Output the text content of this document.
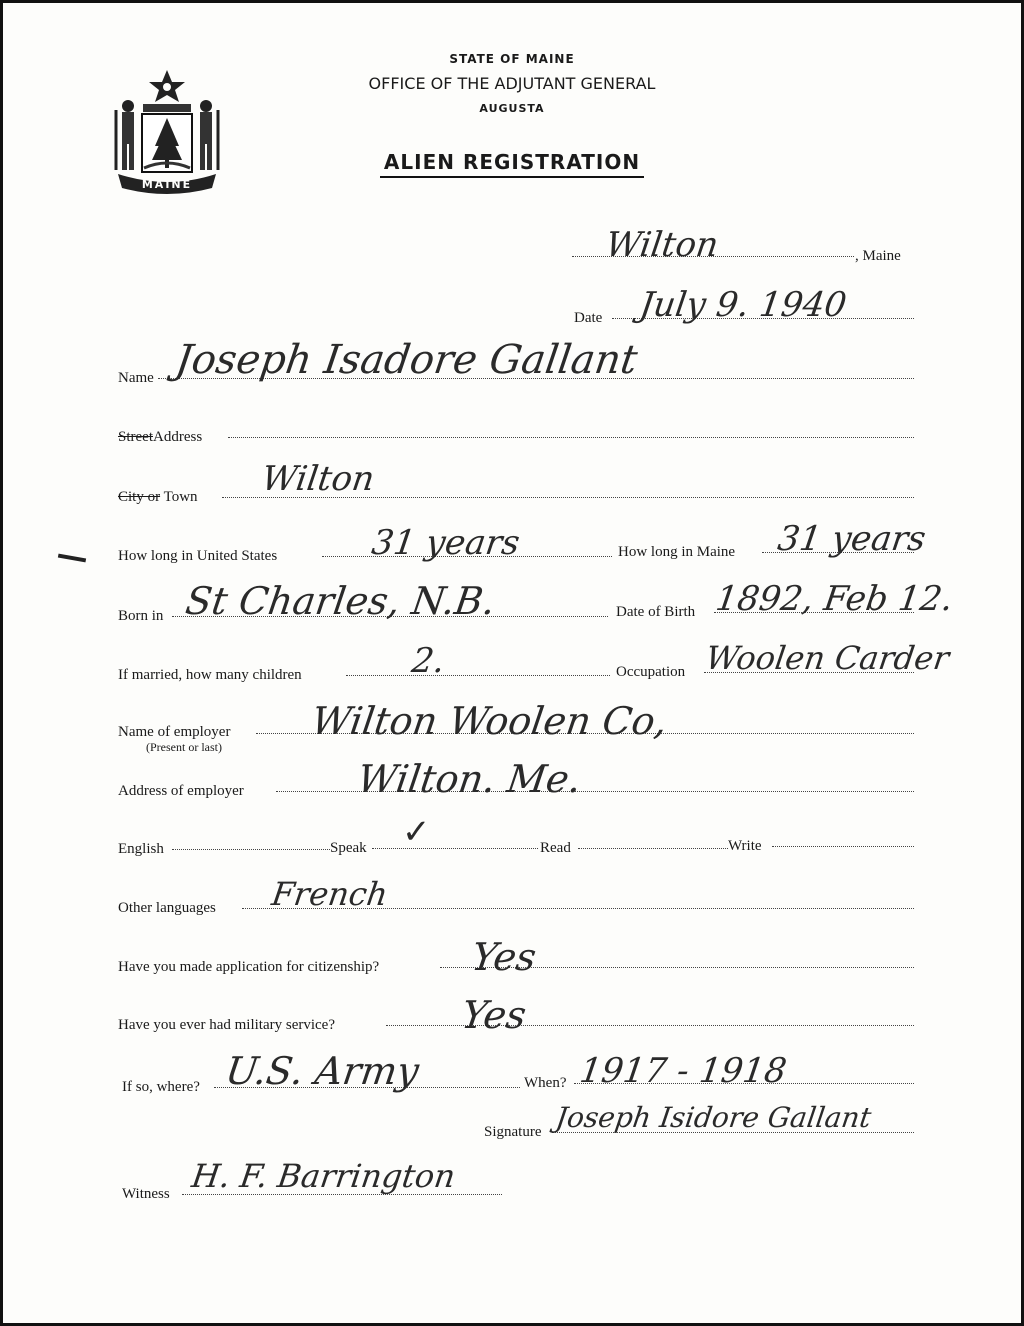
MAINE
STATE OF MAINE
OFFICE OF THE ADJUTANT GENERAL
AUGUSTA
ALIEN REGISTRATION
Wilton	, Maine
Date July 9. 1940
Name Joseph Isadore Gallant
StreetAddress
City or Town Wilton
How long in United States	31 years	How long in Maine 31 years
Born in St Charles, N.B.	Date of Birth 1892, Feb 12.
If married, how many children	2.	Occupation Woolen Carder
Name of employer
(Present or last)
Wilton Woolen Co,
Address of employer	Wilton. Me.
English	Speak ✓	Read	Write
Other languages French
Have you made application for citizenship? Yes
Have you ever had military service?	Yes
If so, where? U.S. Army	When? 1917 - 1918
Signature Joseph Isidore Gallant
Witness H. F. Barrington
